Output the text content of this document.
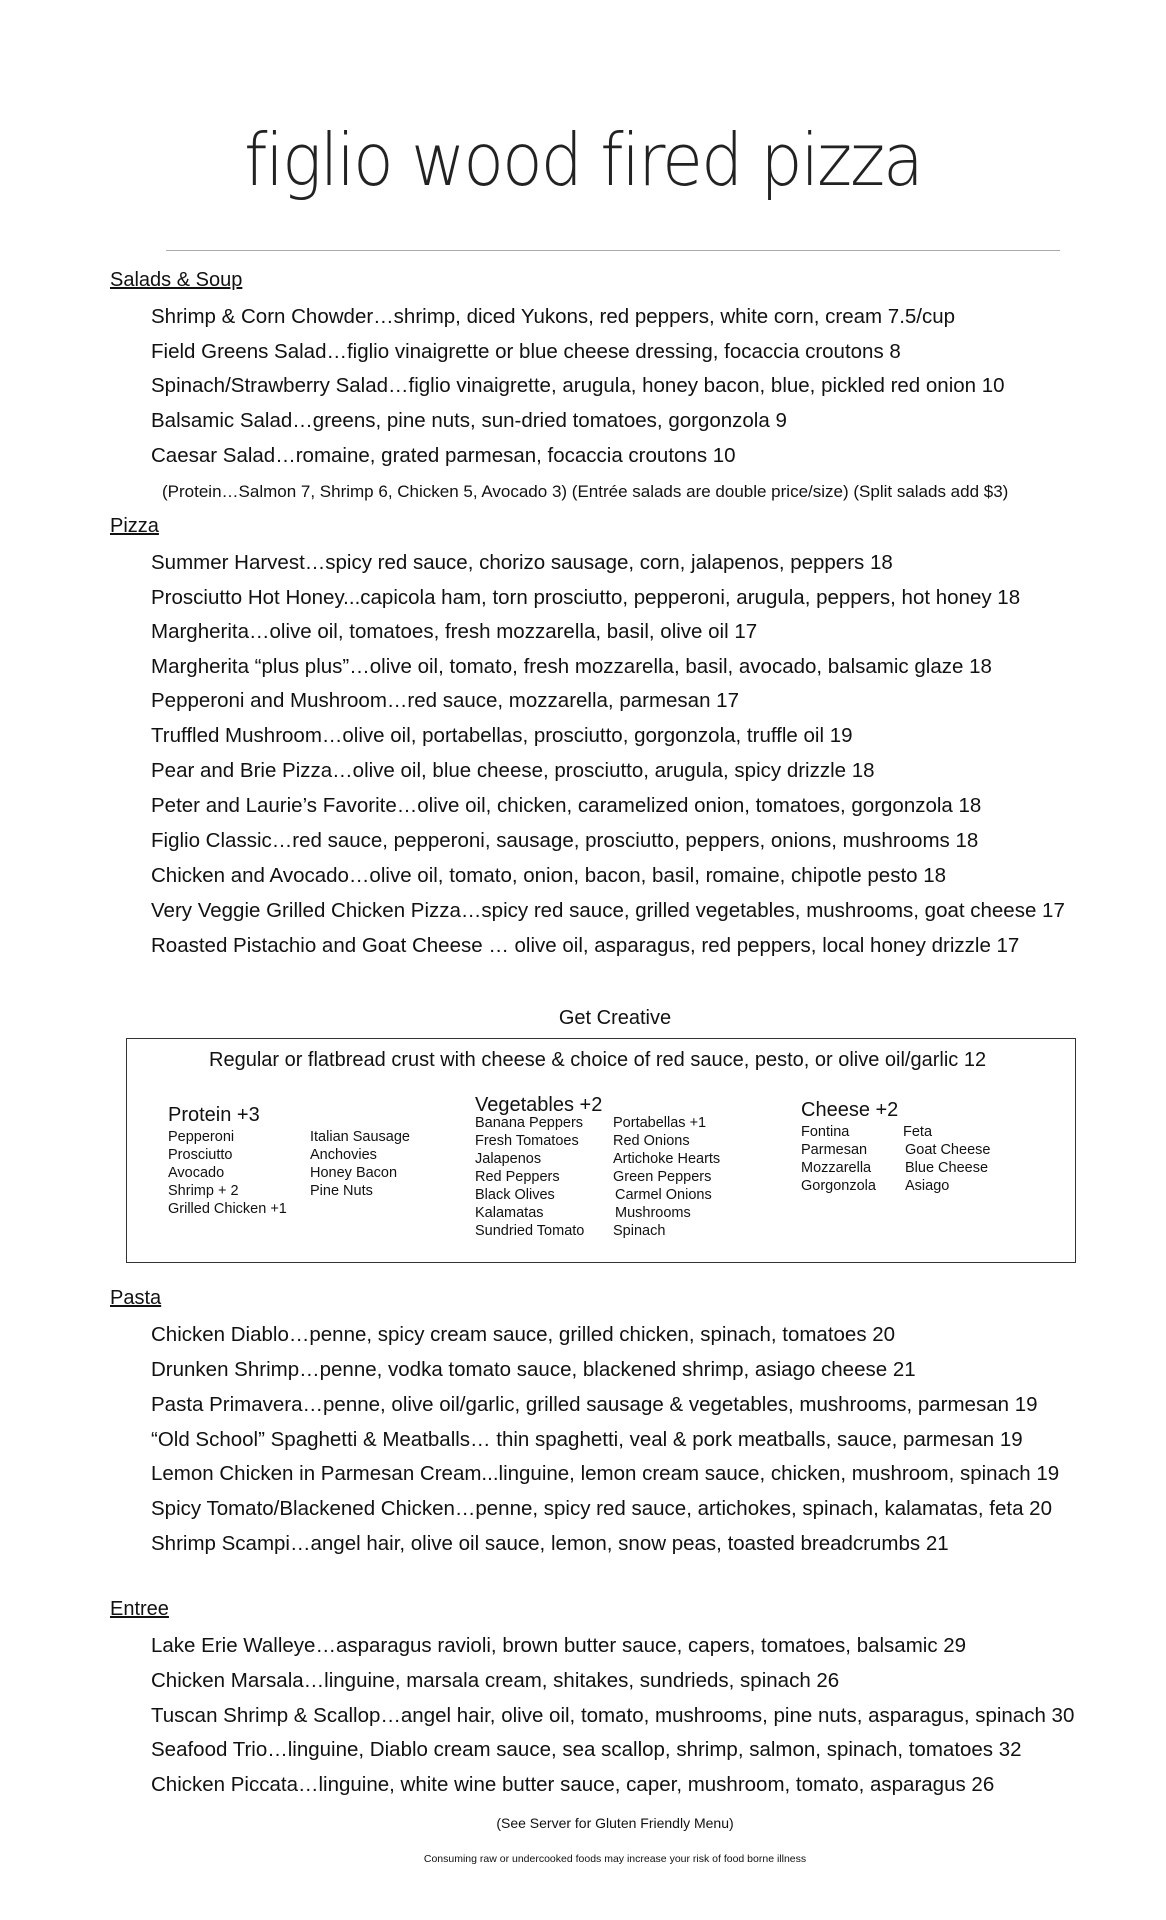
figlio wood fired pizza
Salads & Soup
Shrimp & Corn Chowder…shrimp, diced Yukons, red peppers, white corn, cream 7.5/cup
Field Greens Salad…figlio vinaigrette or blue cheese dressing, focaccia croutons 8
Spinach/Strawberry Salad…figlio vinaigrette, arugula, honey bacon, blue, pickled red onion 10
Balsamic Salad…greens, pine nuts, sun-dried tomatoes, gorgonzola 9
Caesar Salad…romaine, grated parmesan, focaccia croutons 10
(Protein…Salmon 7, Shrimp 6, Chicken 5, Avocado 3) (Entrée salads are double price/size) (Split salads add $3)
Pizza
Summer Harvest…spicy red sauce, chorizo sausage, corn, jalapenos, peppers 18
Prosciutto Hot Honey...capicola ham, torn prosciutto, pepperoni, arugula, peppers, hot honey 18
Margherita…olive oil, tomatoes, fresh mozzarella, basil, olive oil 17
Margherita “plus plus”…olive oil, tomato, fresh mozzarella, basil, avocado, balsamic glaze 18
Pepperoni and Mushroom…red sauce, mozzarella, parmesan 17
Truffled Mushroom…olive oil, portabellas, prosciutto, gorgonzola, truffle oil 19
Pear and Brie Pizza…olive oil, blue cheese, prosciutto, arugula, spicy drizzle 18
Peter and Laurie’s Favorite…olive oil, chicken, caramelized onion, tomatoes, gorgonzola 18
Figlio Classic…red sauce, pepperoni, sausage, prosciutto, peppers, onions, mushrooms 18
Chicken and Avocado…olive oil, tomato, onion, bacon, basil, romaine, chipotle pesto 18
Very Veggie Grilled Chicken Pizza…spicy red sauce, grilled vegetables, mushrooms, goat cheese 17
Roasted Pistachio and Goat Cheese … olive oil, asparagus, red peppers, local honey drizzle 17
Get Creative
Regular or flatbread crust with cheese & choice of red sauce, pesto, or olive oil/garlic 12
Protein +3
Pepperoni
Prosciutto
Avocado
Shrimp + 2
Grilled Chicken +1
Italian Sausage
Anchovies
Honey Bacon
Pine Nuts
Vegetables +2
Banana Peppers
Fresh Tomatoes
Jalapenos
Red Peppers
Black Olives
Kalamatas
Sundried Tomato
Portabellas +1
Red Onions
Artichoke Hearts
Green Peppers
Carmel Onions
Mushrooms
Spinach
Cheese +2
Fontina
Parmesan
Mozzarella
Gorgonzola
Feta
Goat Cheese
Blue Cheese
Asiago
Pasta
Chicken Diablo…penne, spicy cream sauce, grilled chicken, spinach, tomatoes 20
Drunken Shrimp…penne, vodka tomato sauce, blackened shrimp, asiago cheese 21
Pasta Primavera…penne, olive oil/garlic, grilled sausage & vegetables, mushrooms, parmesan 19
“Old School” Spaghetti & Meatballs… thin spaghetti, veal & pork meatballs, sauce, parmesan 19
Lemon Chicken in Parmesan Cream...linguine, lemon cream sauce, chicken, mushroom, spinach 19
Spicy Tomato/Blackened Chicken…penne, spicy red sauce, artichokes, spinach, kalamatas, feta 20
Shrimp Scampi…angel hair, olive oil sauce, lemon, snow peas, toasted breadcrumbs 21
Entree
Lake Erie Walleye…asparagus ravioli, brown butter sauce, capers, tomatoes, balsamic 29
Chicken Marsala…linguine, marsala cream, shitakes, sundrieds, spinach 26
Tuscan Shrimp & Scallop…angel hair, olive oil, tomato, mushrooms, pine nuts, asparagus, spinach 30
Seafood Trio…linguine, Diablo cream sauce, sea scallop, shrimp, salmon, spinach, tomatoes 32
Chicken Piccata…linguine, white wine butter sauce, caper, mushroom, tomato, asparagus 26
(See Server for Gluten Friendly Menu)
Consuming raw or undercooked foods may increase your risk of food borne illness
